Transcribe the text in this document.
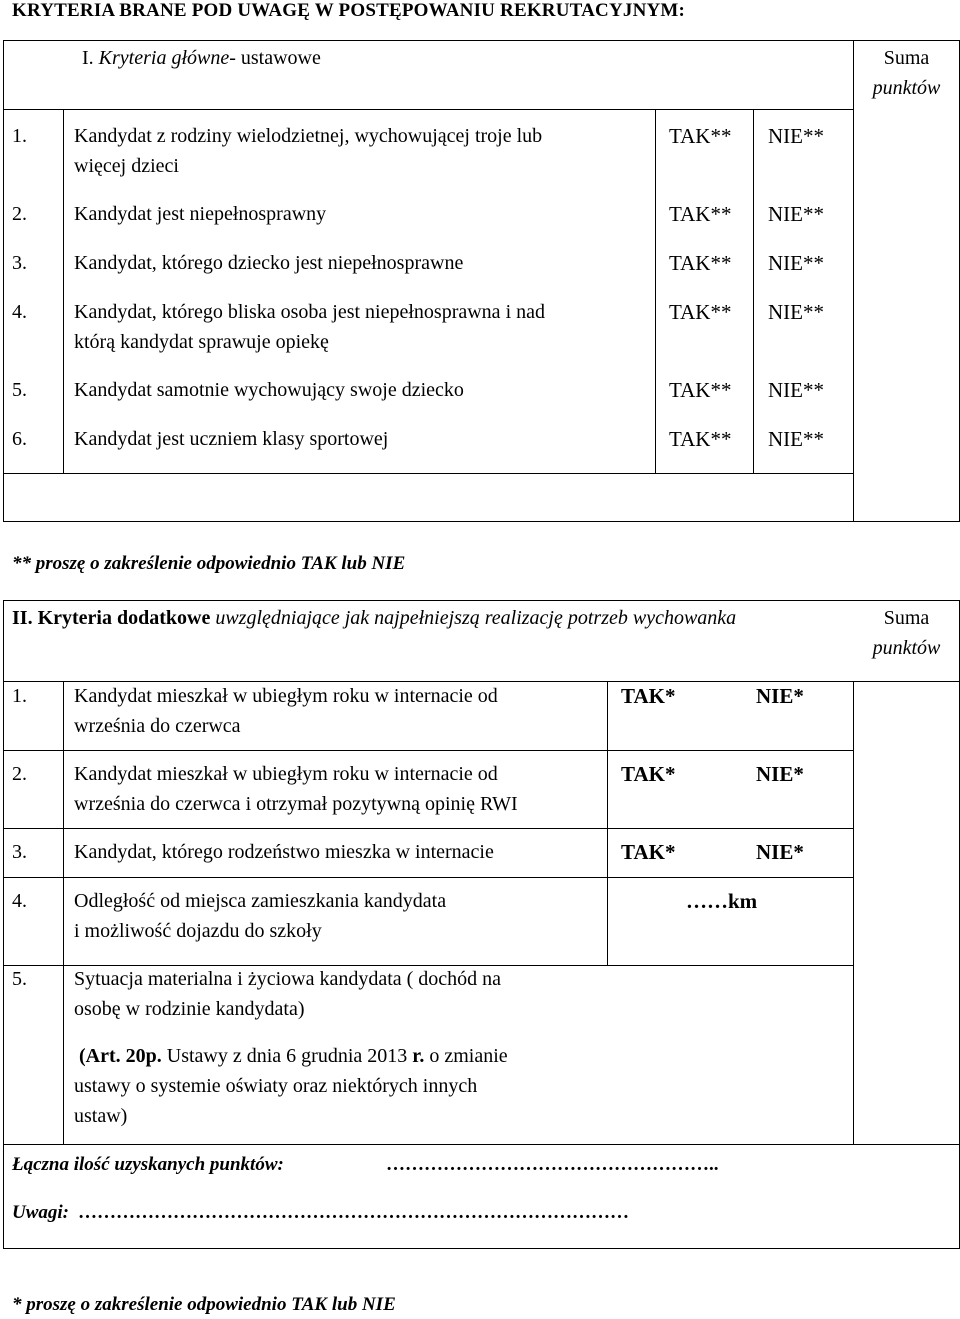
KRYTERIA BRANE POD UWAGĘ W POSTĘPOWANIU REKRUTACYJNYM:
I. Kryteria główne- ustawowe	Suma
punktów
1. Kandydat z rodziny wielodzietnej, wychowującej troje lub
więcej dzieci
TAK** NIE**
2. Kandydat jest niepełnosprawny	TAK** NIE**
3. Kandydat, którego dziecko jest niepełnosprawne	TAK** NIE**
4. Kandydat, którego bliska osoba jest niepełnosprawna i nad
którą kandydat sprawuje opiekę
TAK** NIE**
5. Kandydat samotnie wychowujący swoje dziecko	TAK** NIE**
6. Kandydat jest uczniem klasy sportowej	TAK** NIE**
** proszę o zakreślenie odpowiednio TAK lub NIE
II. Kryteria dodatkowe uwzględniające jak najpełniejszą realizację potrzeb wychowanka	Suma
punktów
1. Kandydat mieszkał w ubiegłym roku w internacie od
września do czerwca
TAK*	NIE*
2. Kandydat mieszkał w ubiegłym roku w internacie od
września do czerwca i otrzymał pozytywną opinię RWI
TAK*	NIE*
3. Kandydat, którego rodzeństwo mieszka w internacie	TAK*	NIE*
4. Odległość od miejsca zamieszkania kandydata
i możliwość dojazdu do szkoły
……km
5. Sytuacja materialna i życiowa kandydata ( dochód na
osobę w rodzinie kandydata)
(Art. 20p. Ustawy z dnia 6 grudnia 2013 r. o zmianie
ustawy o systemie oświaty oraz niektórych innych
ustaw)
Łączna ilość uzyskanych punktów:	……………………………………………..
Uwagi: ……………………………………………………………………………
* proszę o zakreślenie odpowiednio TAK lub NIE
